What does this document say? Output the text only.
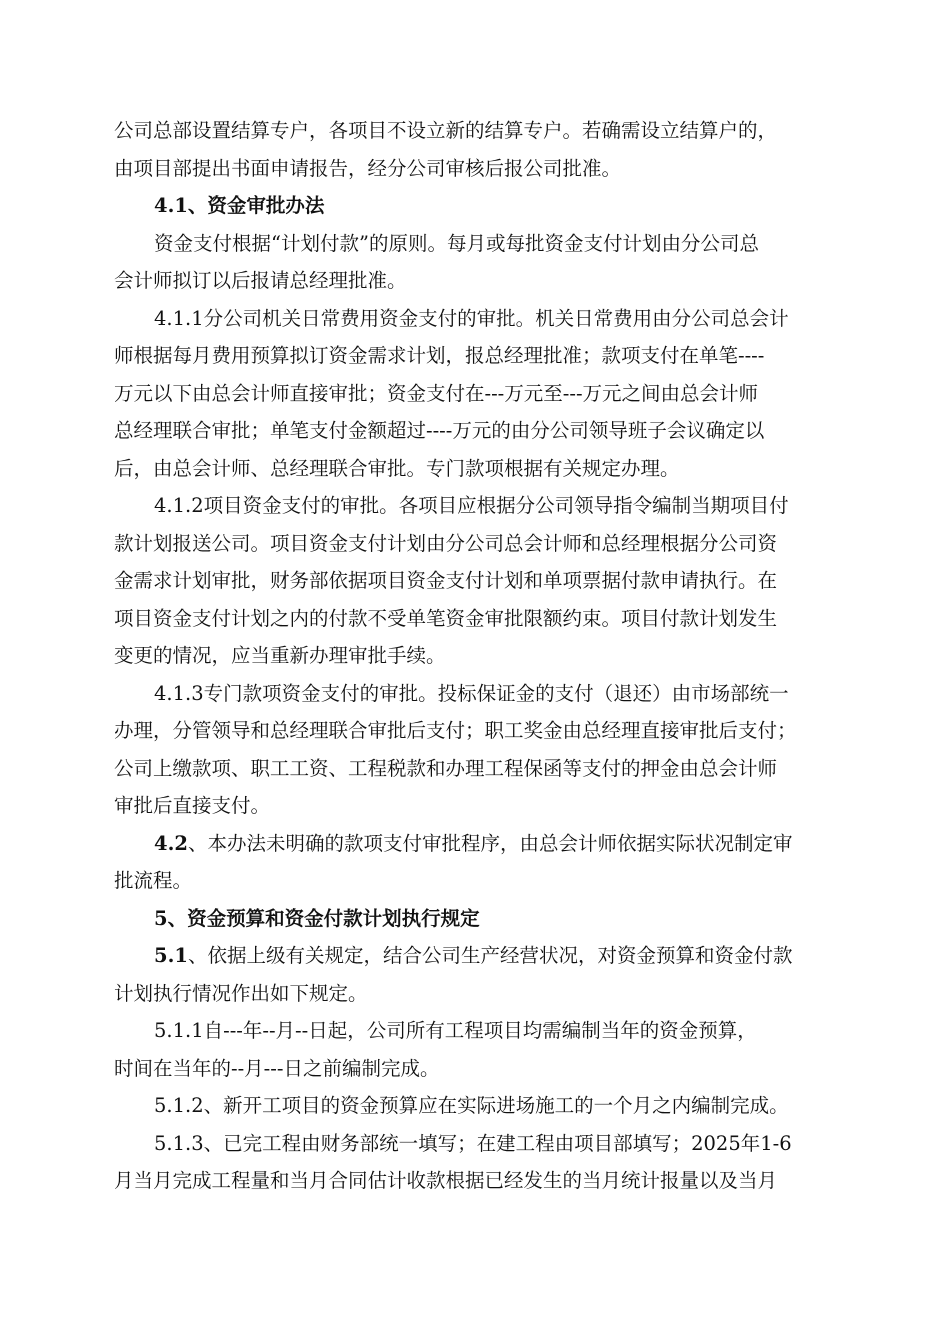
公司总部设置结算专户，各项目不设立新的结算专户。若确需设立结算户的，
由项目部提出书面申请报告，经分公司审核后报公司批准。

4.1、资金审批办法

资金支付根据“计划付款”的原则。每月或每批资金支付计划由分公司总
会计师拟订以后报请总经理批准。

4.1.1分公司机关日常费用资金支付的审批。机关日常费用由分公司总会计
师根据每月费用预算拟订资金需求计划，报总经理批准；款项支付在单笔----
万元以下由总会计师直接审批；资金支付在---万元至---万元之间由总会计师
总经理联合审批；单笔支付金额超过----万元的由分公司领导班子会议确定以
后，由总会计师、总经理联合审批。专门款项根据有关规定办理。

4.1.2项目资金支付的审批。各项目应根据分公司领导指令编制当期项目付
款计划报送公司。项目资金支付计划由分公司总会计师和总经理根据分公司资
金需求计划审批，财务部依据项目资金支付计划和单项票据付款申请执行。在
项目资金支付计划之内的付款不受单笔资金审批限额约束。项目付款计划发生
变更的情况，应当重新办理审批手续。

4.1.3专门款项资金支付的审批。投标保证金的支付（退还）由市场部统一
办理，分管领导和总经理联合审批后支付；职工奖金由总经理直接审批后支付；
公司上缴款项、职工工资、工程税款和办理工程保函等支付的押金由总会计师
审批后直接支付。

4.2、本办法未明确的款项支付审批程序，由总会计师依据实际状况制定审
批流程。

5、资金预算和资金付款计划执行规定

5.1、依据上级有关规定，结合公司生产经营状况，对资金预算和资金付款
计划执行情况作出如下规定。

5.1.1自---年--月--日起，公司所有工程项目均需编制当年的资金预算，
时间在当年的--月---日之前编制完成。

5.1.2、新开工项目的资金预算应在实际进场施工的一个月之内编制完成。

5.1.3、已完工程由财务部统一填写；在建工程由项目部填写；2025年1-6
月当月完成工程量和当月合同估计收款根据已经发生的当月统计报量以及当月
